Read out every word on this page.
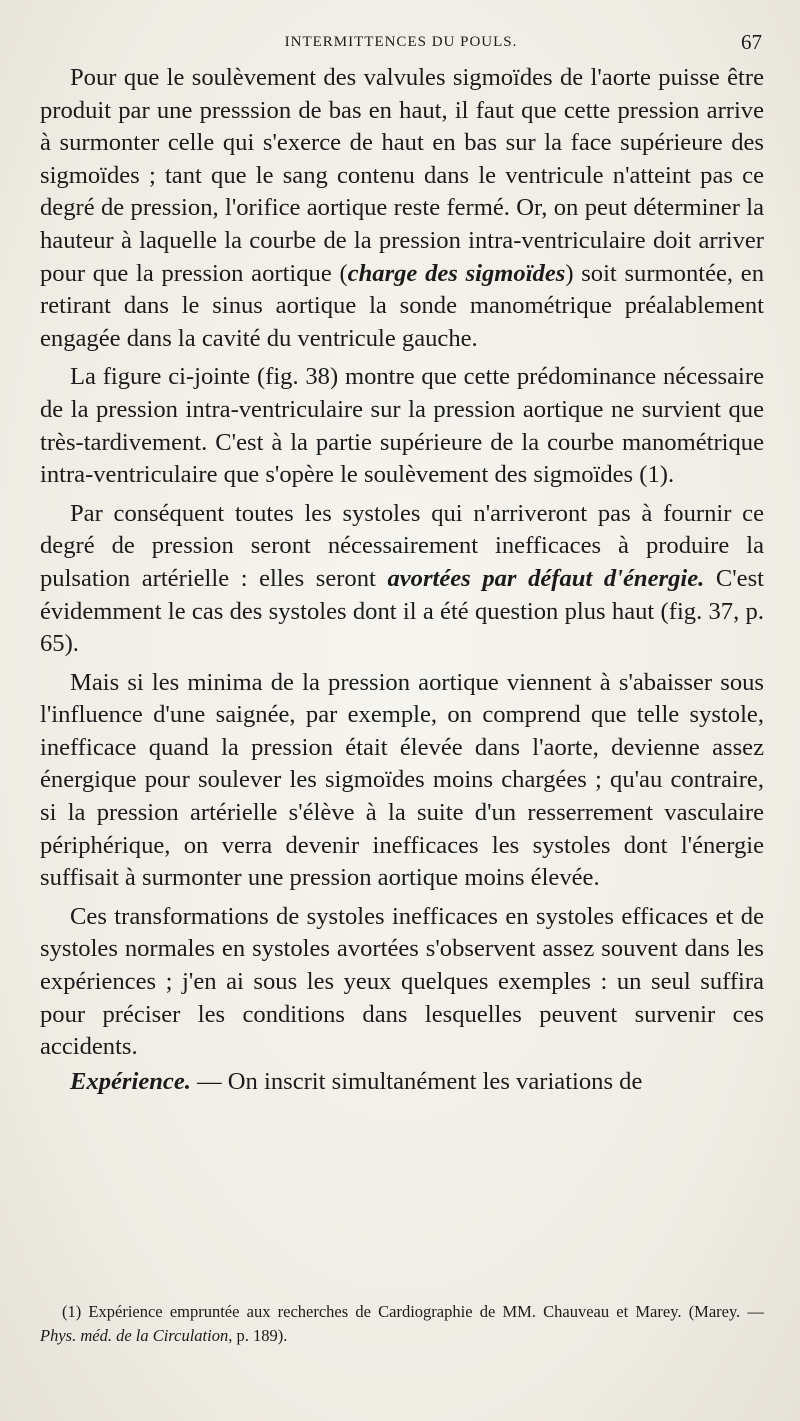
INTERMITTENCES DU POULS.	67

Pour que le soulèvement des valvules sigmoïdes de l'aorte puisse être produit par une presssion de bas en haut, il faut que cette pression arrive à surmonter celle qui s'exerce de haut en bas sur la face supérieure des sigmoïdes ; tant que le sang contenu dans le ventricule n'atteint pas ce degré de pression, l'orifice aortique reste fermé. Or, on peut déterminer la hauteur à laquelle la courbe de la pression intra-ventriculaire doit arriver pour que la pression aortique (charge des sigmoïdes) soit surmontée, en retirant dans le sinus aortique la sonde manométrique préalablement engagée dans la cavité du ventricule gauche.

La figure ci-jointe (fig. 38) montre que cette prédominance nécessaire de la pression intra-ventriculaire sur la pression aortique ne survient que très-tardivement. C'est à la partie supérieure de la courbe manométrique intra-ventriculaire que s'opère le soulèvement des sigmoïdes (1).

Par conséquent toutes les systoles qui n'arriveront pas à fournir ce degré de pression seront nécessairement inefficaces à produire la pulsation artérielle : elles seront avortées par défaut d'énergie. C'est évidemment le cas des systoles dont il a été question plus haut (fig. 37, p. 65).

Mais si les minima de la pression aortique viennent à s'abaisser sous l'influence d'une saignée, par exemple, on comprend que telle systole, inefficace quand la pression était élevée dans l'aorte, devienne assez énergique pour soulever les sigmoïdes moins chargées ; qu'au contraire, si la pression artérielle s'élève à la suite d'un resserrement vasculaire périphérique, on verra devenir inefficaces les systoles dont l'énergie suffisait à surmonter une pression aortique moins élevée.

Ces transformations de systoles inefficaces en systoles efficaces et de systoles normales en systoles avortées s'observent assez souvent dans les expériences ; j'en ai sous les yeux quelques exemples : un seul suffira pour préciser les conditions dans lesquelles peuvent survenir ces accidents.

Expérience. — On inscrit simultanément les variations de

(1) Expérience empruntée aux recherches de Cardiographie de MM. Chauveau et Marey. (Marey. — Phys. méd. de la Circulation, p. 189).
